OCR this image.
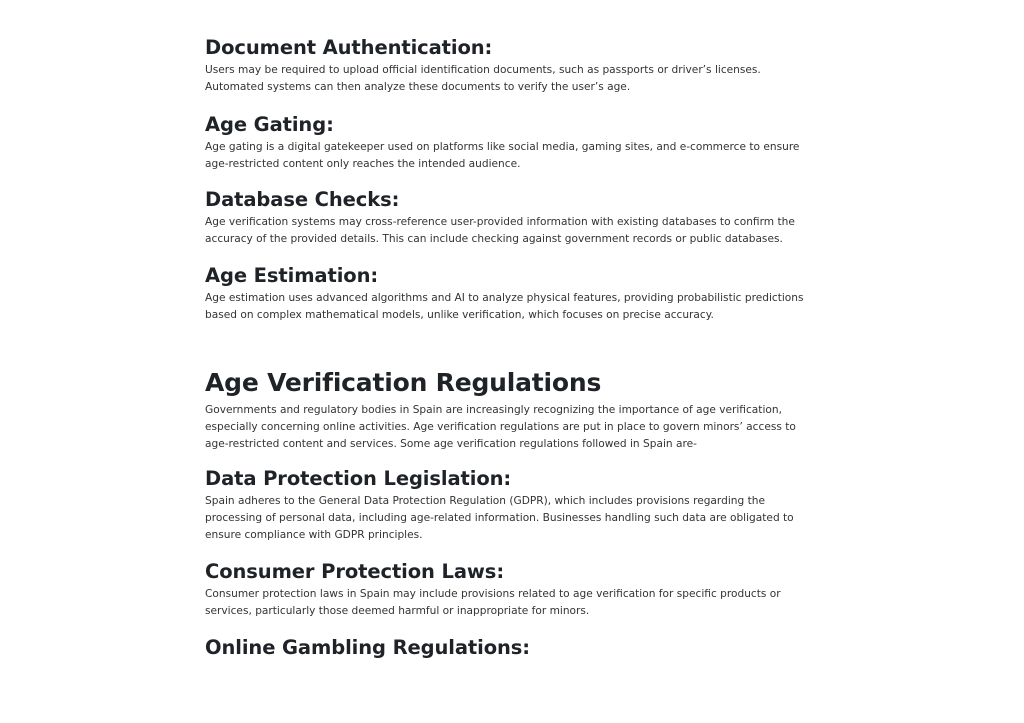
Document Authentication:

Users may be required to upload official identification documents, such as passports or driver’s licenses. Automated systems can then analyze these documents to verify the user’s age.

Age Gating:

Age gating is a digital gatekeeper used on platforms like social media, gaming sites, and e-commerce to ensure age-restricted content only reaches the intended audience.

Database Checks:

Age verification systems may cross-reference user-provided information with existing databases to confirm the accuracy of the provided details. This can include checking against government records or public databases.

Age Estimation:

Age estimation uses advanced algorithms and AI to analyze physical features, providing probabilistic predictions based on complex mathematical models, unlike verification, which focuses on precise accuracy.

Age Verification Regulations

Governments and regulatory bodies in Spain are increasingly recognizing the importance of age verification, especially concerning online activities. Age verification regulations are put in place to govern minors’ access to age-restricted content and services. Some age verification regulations followed in Spain are-

Data Protection Legislation:

Spain adheres to the General Data Protection Regulation (GDPR), which includes provisions regarding the processing of personal data, including age-related information. Businesses handling such data are obligated to ensure compliance with GDPR principles.

Consumer Protection Laws:

Consumer protection laws in Spain may include provisions related to age verification for specific products or services, particularly those deemed harmful or inappropriate for minors.

Online Gambling Regulations:
